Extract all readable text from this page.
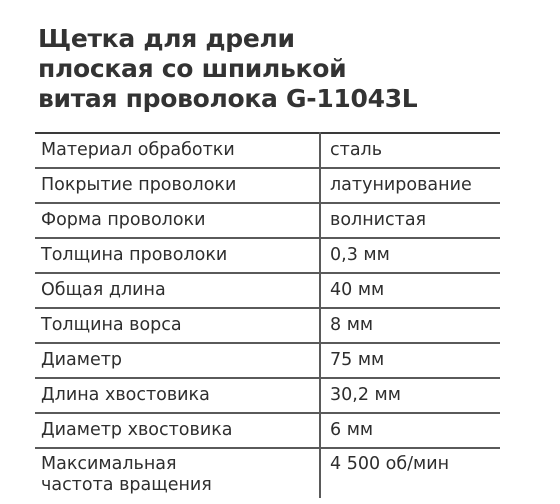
Щетка для дрели
плоская со шпилькой
витая проволока G-11043L
Материал обработки	сталь
Покрытие проволоки	латунирование
Форма проволоки	волнистая
Толщина проволоки	0,3 мм
Общая длина	40 мм
Толщина ворса	8 мм
Диаметр	75 мм
Длина хвостовика	30,2 мм
Диаметр хвостовика	6 мм

Максимальная
частота вращения	4 500 об/мин
